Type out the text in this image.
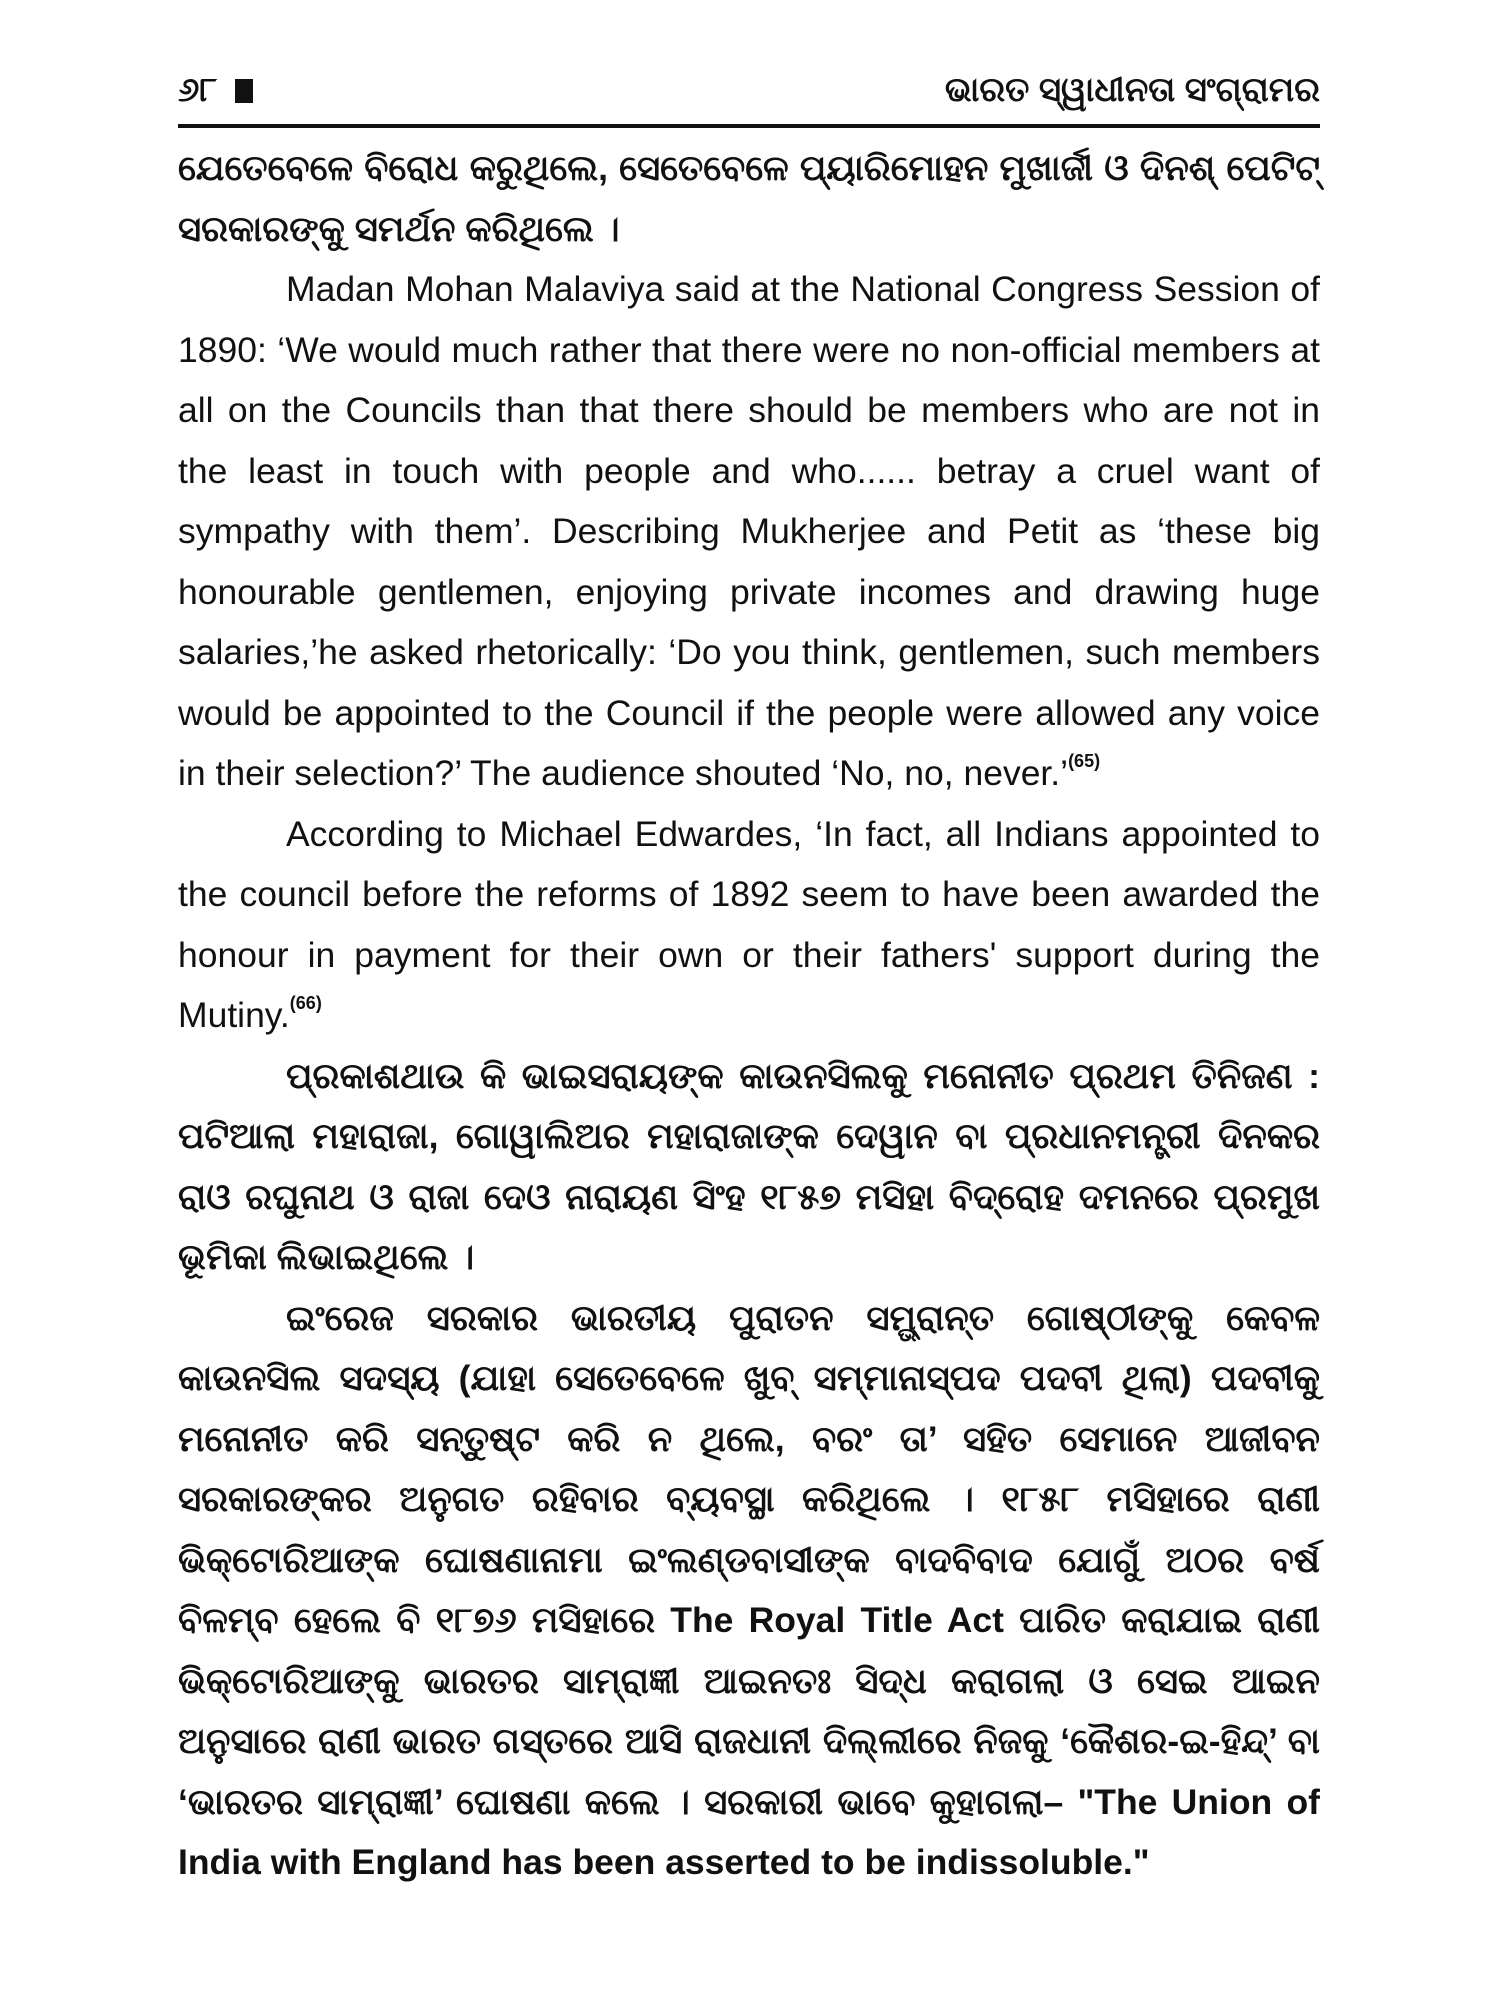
୬୮	ଭାରତ ସ୍ୱାଧୀନତା ସଂଗ୍ରାମର

ଯେତେବେଳେ ବିରୋଧ କରୁଥିଲେ, ସେତେବେଳେ ପ୍ୟାରିମୋହନ ମୁଖାର୍ଜୀ ଓ ଦିନଶ୍ ପେଟିଟ୍ ସରକାରଙ୍କୁ ସମର୍ଥନ କରିଥିଲେ ।

Madan Mohan Malaviya said at the National Congress Session of 1890: ‘We would much rather that there were no non-official members at all on the Councils than that there should be members who are not in the least in touch with people and who...... betray a cruel want of sympathy with them’. Describing Mukherjee and Petit as ‘these big honourable gentlemen, enjoying private incomes and drawing huge salaries,’he asked rhetorically: ‘Do you think, gentlemen, such members would be appointed to the Council if the people were allowed any voice in their selection?’ The audience shouted ‘No, no, never.’$^{(65)}$

According to Michael Edwardes, ‘In fact, all Indians appointed to the council before the reforms of 1892 seem to have been awarded the honour in payment for their own or their fathers' support during the Mutiny.$^{(66)}$

ପ୍ରକାଶଥାଉ କି ଭାଇସରାୟଙ୍କ କାଉନସିଲକୁ ମନୋନୀତ ପ୍ରଥମ ତିନିଜଣ : ପଟିଆଲା ମହାରାଜା, ଗୋୱାଲିଅର ମହାରାଜାଙ୍କ ଦେୱାନ ବା ପ୍ରଧାନମନ୍ତ୍ରୀ ଦିନକର ରାଓ ରଘୁନାଥ ଓ ରାଜା ଦେଓ ନାରାୟଣ ସିଂହ ୧୮୫୭ ମସିହା ବିଦ୍ରୋହ ଦମନରେ ପ୍ରମୁଖ ଭୂମିକା ଲିଭାଇଥିଲେ ।

ଇଂରେଜ ସରକାର ଭାରତୀୟ ପୁରାତନ ସମ୍ଭ୍ରାନ୍ତ ଗୋଷ୍ଠୀଙ୍କୁ କେବଳ କାଉନସିଲ ସଦସ୍ୟ (ଯାହା ସେତେବେଳେ ଖୁବ୍ ସମ୍ମାନାସ୍ପଦ ପଦବୀ ଥିଲା) ପଦବୀକୁ ମନୋନୀତ କରି ସନ୍ତୁଷ୍ଟ କରି ନ ଥିଲେ, ବରଂ ତା’ ସହିତ ସେମାନେ ଆଜୀବନ ସରକାରଙ୍କର ଅନୁଗତ ରହିବାର ବ୍ୟବସ୍ଥା କରିଥିଲେ । ୧୮୫୮ ମସିହାରେ ରାଣୀ ଭିକ୍ଟୋରିଆଙ୍କ ଘୋଷଣାନାମା ଇଂଲଣ୍ଡବାସୀଙ୍କ ବାଦବିବାଦ ଯୋଗୁଁ ଅଠର ବର୍ଷ ବିଳମ୍ବ ହେଲେ ବି ୧୮୭୬ ମସିହାରେ The Royal Title Act ପାରିତ କରାଯାଇ ରାଣୀ ଭିକ୍ଟୋରିଆଙ୍କୁ ଭାରତର ସାମ୍ରାଜ୍ଞୀ ଆଇନତଃ ସିଦ୍ଧ କରାଗଲା ଓ ସେଇ ଆଇନ ଅନୁସାରେ ରାଣୀ ଭାରତ ଗସ୍ତରେ ଆସି ରାଜଧାନୀ ଦିଲ୍ଲୀରେ ନିଜକୁ ‘କୈଶର-ଇ-ହିନ୍ଦ୍’ ବା ‘ଭାରତର ସାମ୍ରାଜ୍ଞୀ’ ଘୋଷଣା କଲେ । ସରକାରୀ ଭାବେ କୁହାଗଲା– "The Union of India with England has been asserted to be indissoluble."
